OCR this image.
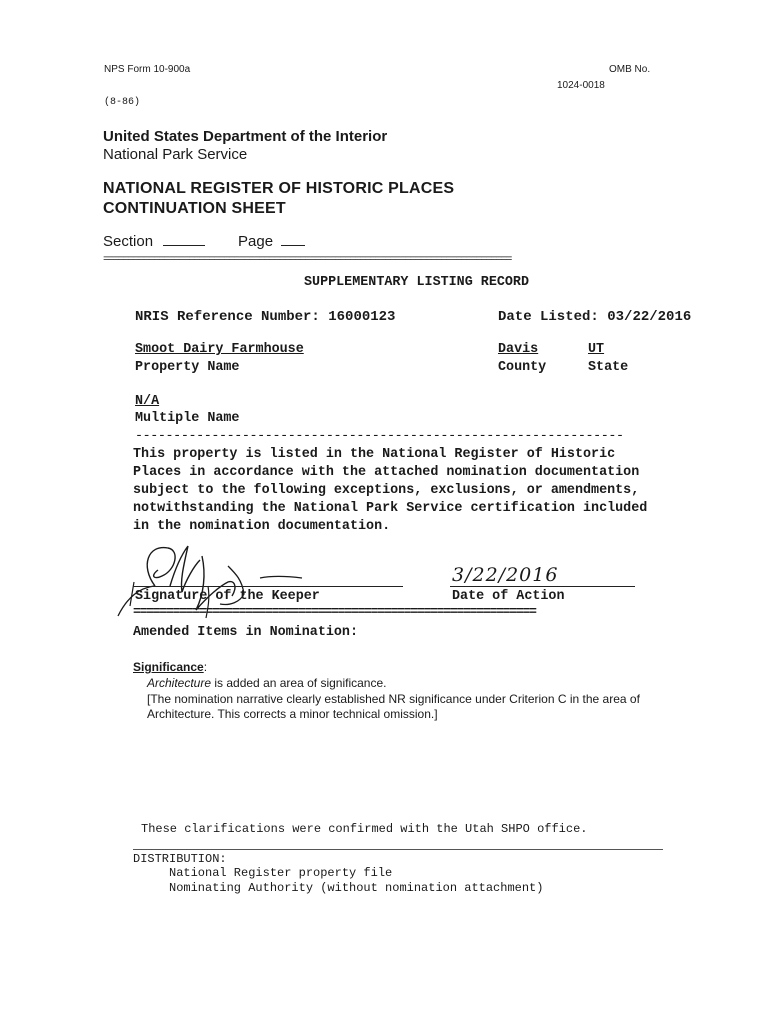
NPS Form 10-900a	OMB No.
1024-0018
(8-86)
United States Department of the Interior
National Park Service
NATIONAL REGISTER OF HISTORIC PLACES
CONTINUATION SHEET
Section	Page
=================================================================================
SUPPLEMENTARY LISTING RECORD
NRIS Reference Number: 16000123	Date Listed: 03/22/2016
Smoot Dairy Farmhouse
Property Name
Davis
County
UT
State
N/A
Multiple Name
----------------------------------------------------------------
This property is listed in the National Register of Historic
Places in accordance with the attached nomination documentation
subject to the following exceptions, exclusions, or amendments,
notwithstanding the National Park Service certification included
in the nomination documentation.
Signature of the Keeper
3/22/2016
Date of Action
=============================================================
Amended Items in Nomination:
Significance:
Architecture is added an area of significance.
[The nomination narrative clearly established NR significance under Criterion C in the area of
Architecture. This corrects a minor technical omission.]
These clarifications were confirmed with the Utah SHPO office.
DISTRIBUTION:
National Register property file
Nominating Authority (without nomination attachment)
